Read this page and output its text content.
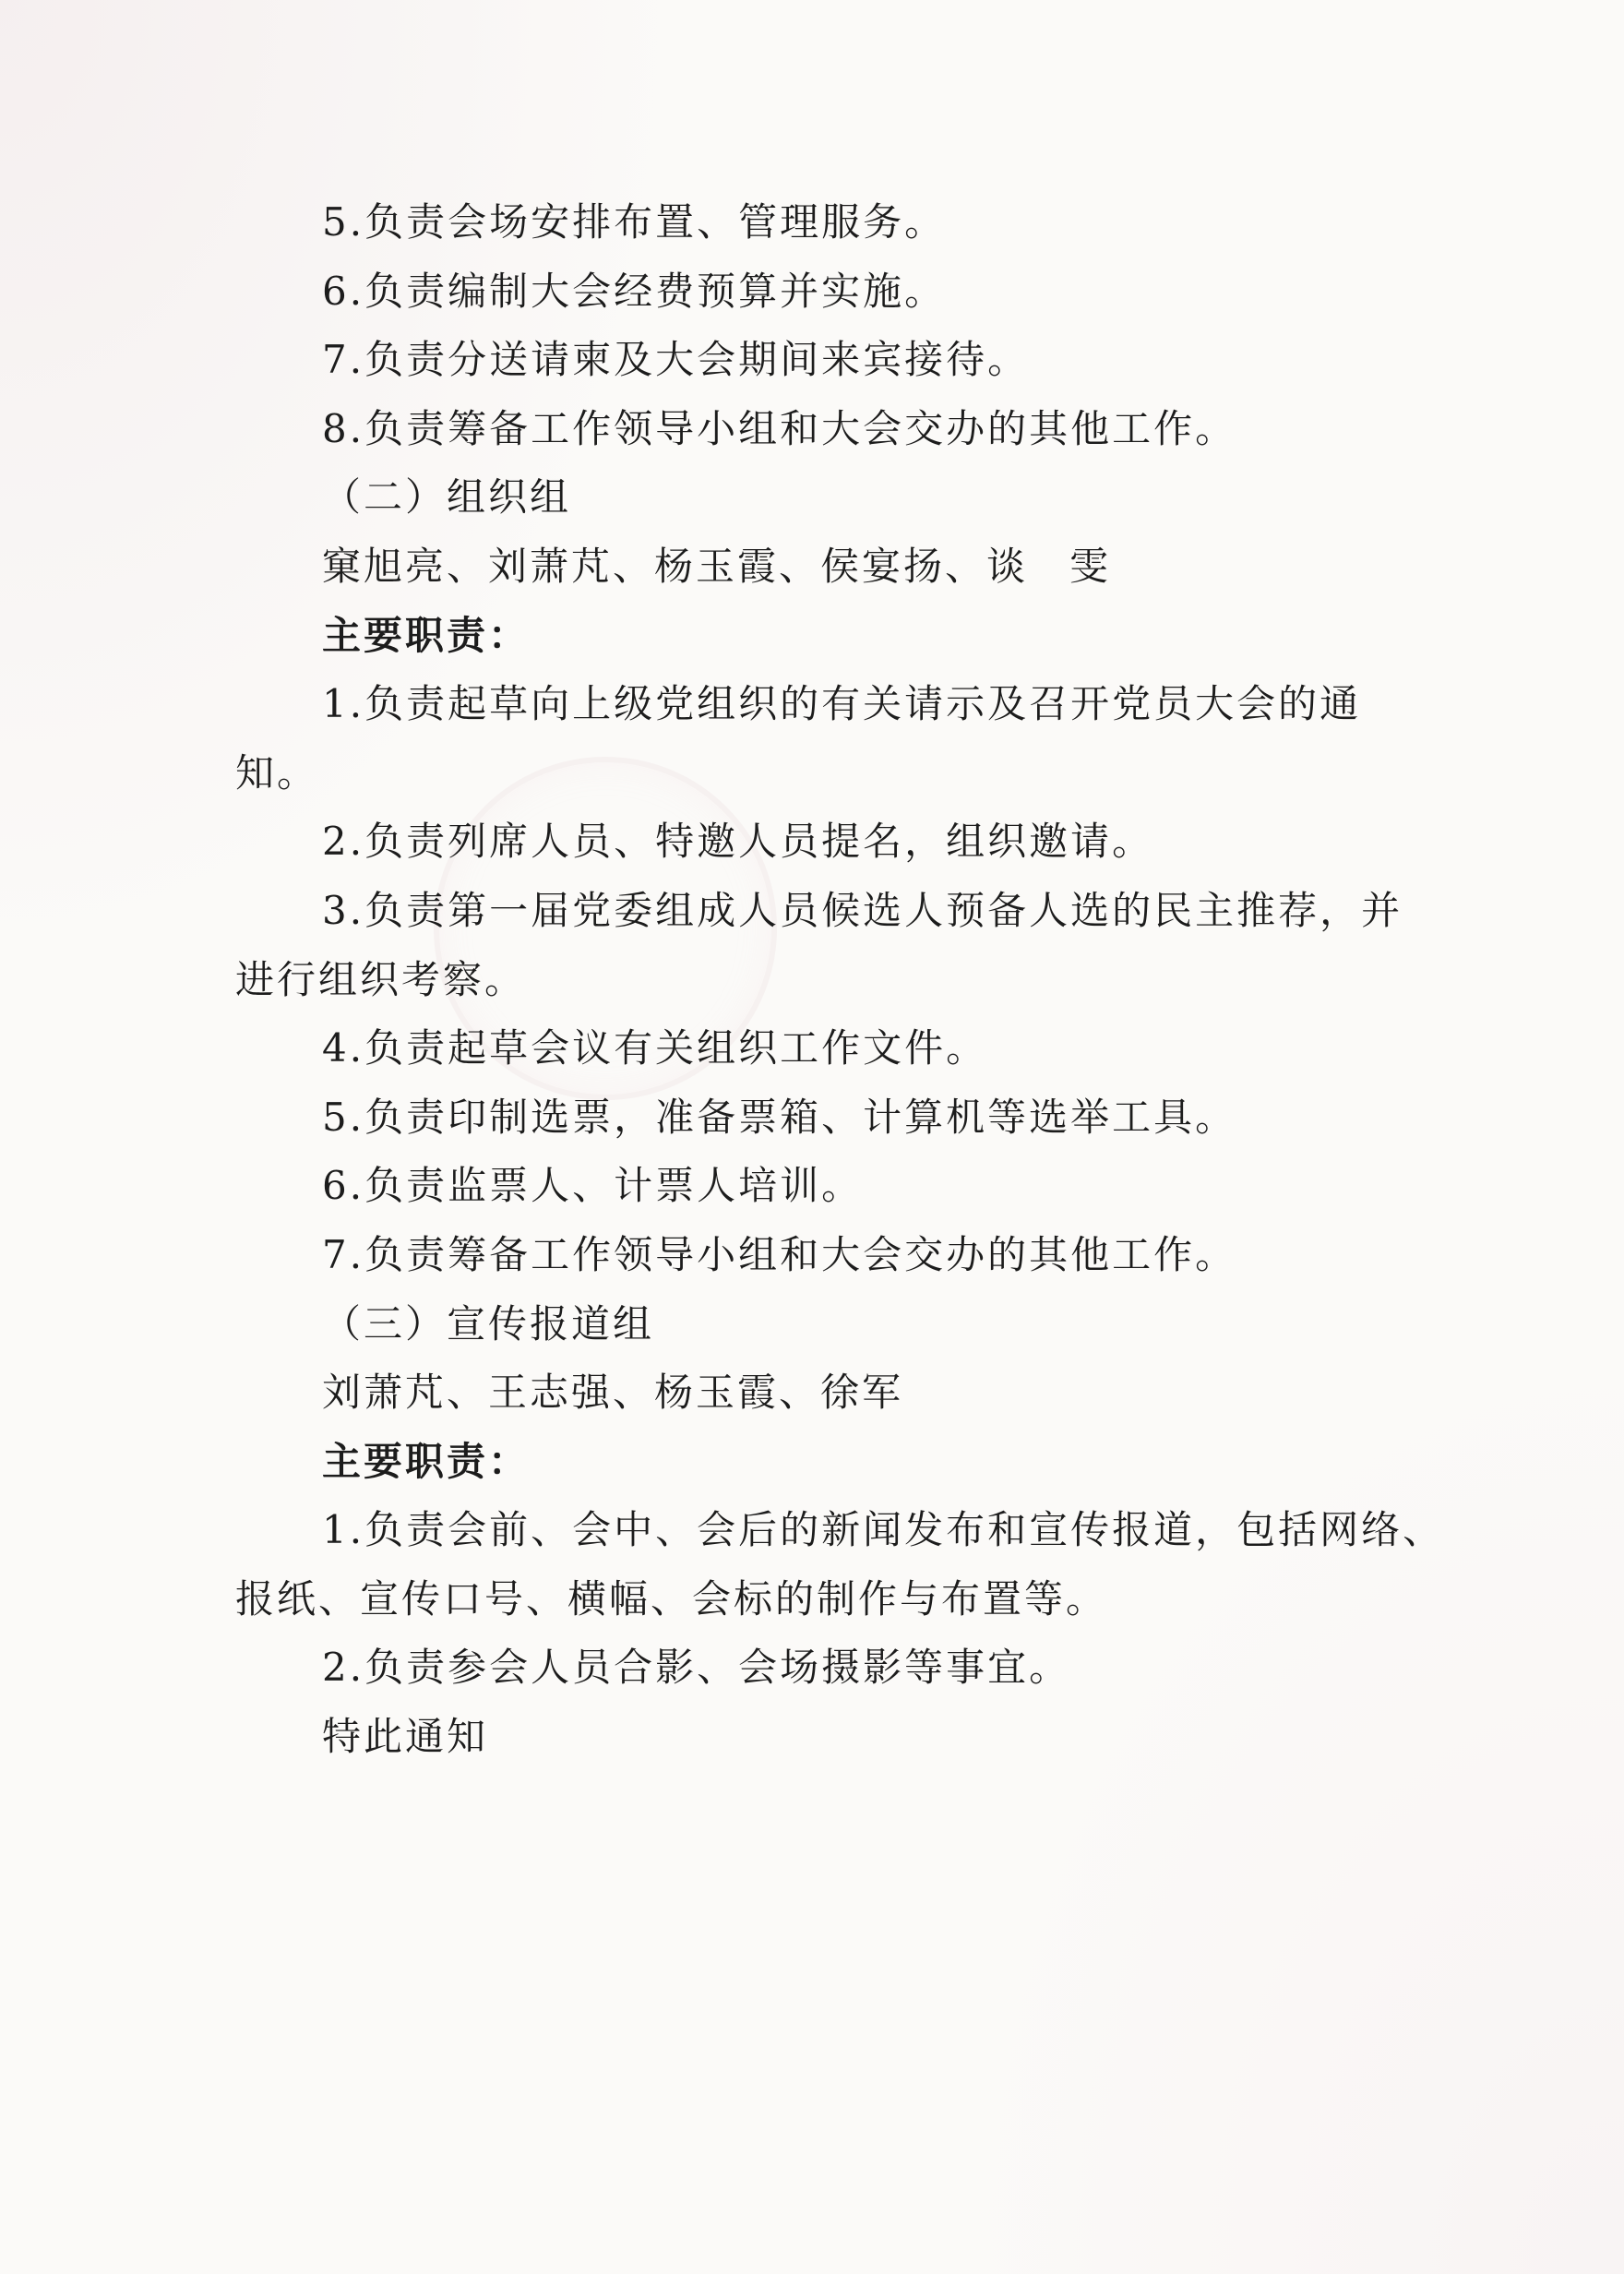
5.负责会场安排布置、管理服务。
6.负责编制大会经费预算并实施。
7.负责分送请柬及大会期间来宾接待。
8.负责筹备工作领导小组和大会交办的其他工作。
（二）组织组
窠旭亮、刘萧芃、杨玉霞、侯宴扬、谈　雯
主要职责：
1.负责起草向上级党组织的有关请示及召开党员大会的通
知。
2.负责列席人员、特邀人员提名，组织邀请。
3.负责第一届党委组成人员候选人预备人选的民主推荐，并
进行组织考察。
4.负责起草会议有关组织工作文件。
5.负责印制选票，准备票箱、计算机等选举工具。
6.负责监票人、计票人培训。
7.负责筹备工作领导小组和大会交办的其他工作。
（三）宣传报道组
刘萧芃、王志强、杨玉霞、徐军
主要职责：
1.负责会前、会中、会后的新闻发布和宣传报道，包括网络、
报纸、宣传口号、横幅、会标的制作与布置等。
2.负责参会人员合影、会场摄影等事宜。
特此通知
